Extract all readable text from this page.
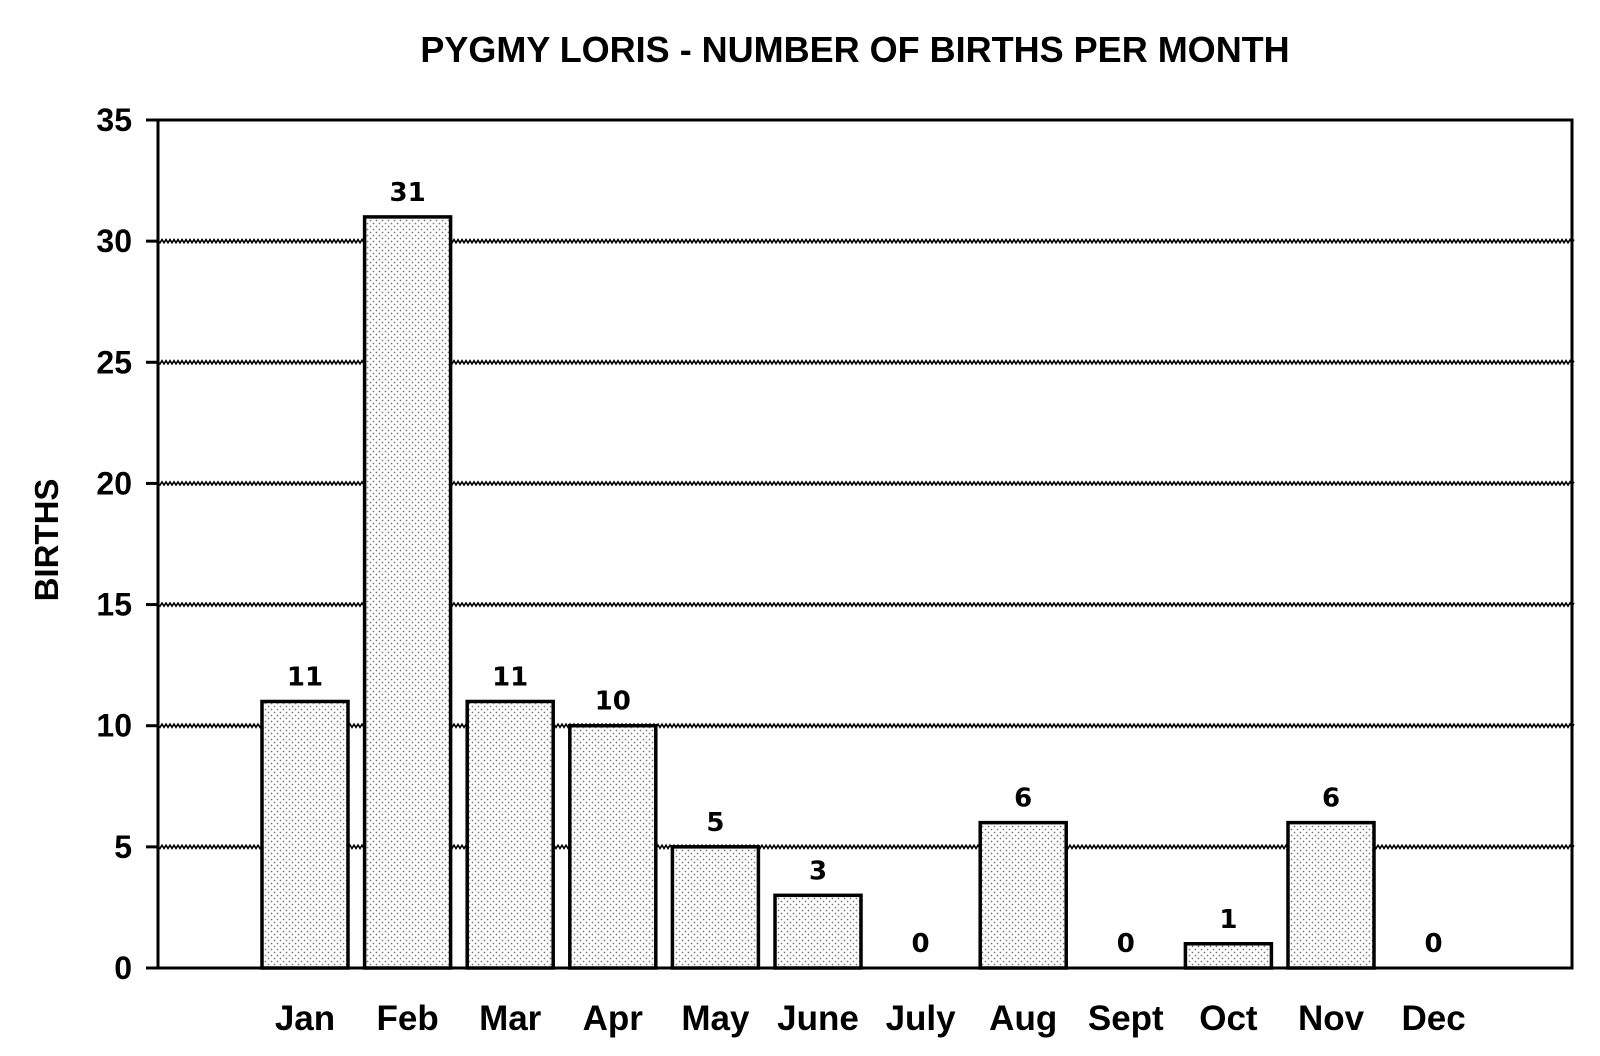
PYGMY LORIS - NUMBER OF BIRTHS PER MONTH
BIRTHS
0
5
10
15
20
25
30
35
11
31
11
10
5
3
0
6
0
1
6
0
Jan Feb Mar Apr May June July Aug Sept Oct Nov Dec
